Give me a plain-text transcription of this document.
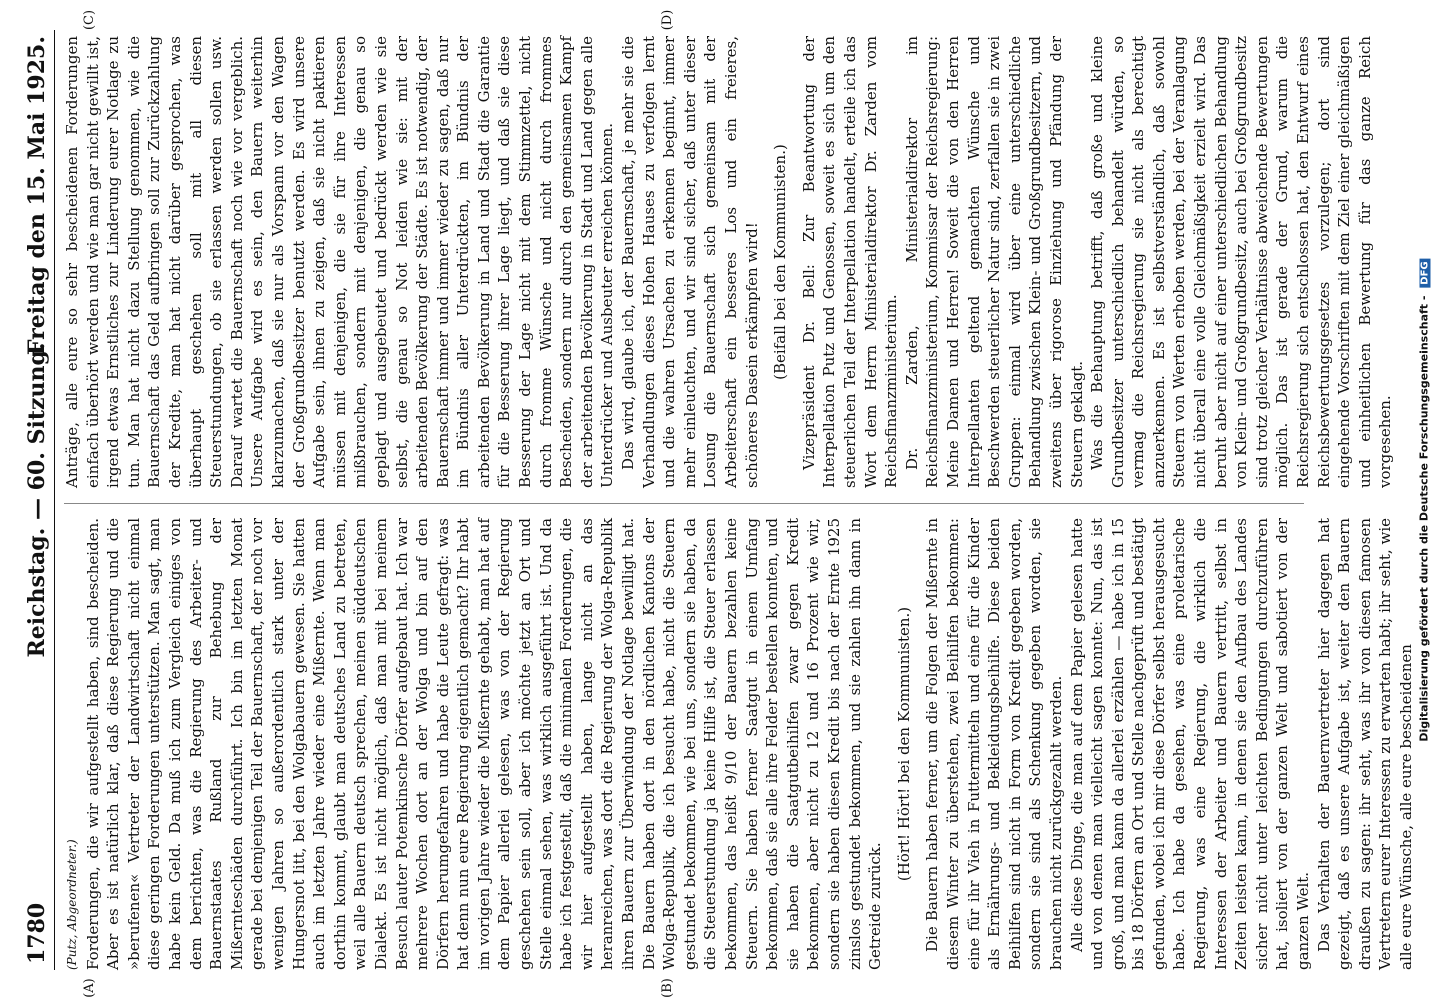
1780
Reichstag. — 60. Sitzung.
Freitag den 15. Mai 1925.
(A)	(B)
(C)	(D)

(Putz, Abgeordneter.) Forderungen, die wir aufgestellt haben, sind bescheiden. Aber es ist natürlich klar, daß diese Regierung und die »berufenen« Vertreter der Landwirtschaft nicht einmal diese geringen Forderungen unterstützen. Man sagt, man habe kein Geld. Da muß ich zum Vergleich einiges von dem berichten, was die Regierung des Arbeiter- und Bauernstaates Rußland zur Behebung der Mißernteschäden durchführt. Ich bin im letzten Monat gerade bei demjenigen Teil der Bauernschaft, der noch vor wenigen Jahren so außerordentlich stark unter der Hungersnot litt, bei den Wolgabauern gewesen. Sie hatten auch im letzten Jahre wieder eine Mißernte. Wenn man dorthin kommt, glaubt man deutsches Land zu betreten, weil alle Bauern deutsch sprechen, meinen süddeutschen Dialekt. Es ist nicht möglich, daß man mit bei meinem Besuch lauter Potemkinsche Dörfer aufgebaut hat. Ich war mehrere Wochen dort an der Wolga und bin auf den Dörfern herumgefahren und habe die Leute gefragt: was hat denn nun eure Regierung eigentlich gemacht? Ihr habt im vorigen Jahre wieder die Mißernte gehabt, man hat auf dem Papier allerlei gelesen, was von der Regierung geschehen sein soll, aber ich möchte jetzt an Ort und Stelle einmal sehen, was wirklich ausgeführt ist. Und da habe ich festgestellt, daß die minimalen Forderungen, die wir hier aufgestellt haben, lange nicht an das heranreichen, was dort die Regierung der Wolga-Republik ihren Bauern zur Überwindung der Notlage bewilligt hat. Die Bauern haben dort in den nördlichen Kantons der Wolga-Republik, die ich besucht habe, nicht die Steuern gestundet bekommen, wie bei uns, sondern sie haben, da die Steuerstundung ja keine Hilfe ist, die Steuer erlassen bekommen, das heißt 9/10 der Bauern bezahlen keine Steuern. Sie haben ferner Saatgut in einem Umfang bekommen, daß sie alle ihre Felder bestellen konnten, und sie haben die Saatgutbeihilfen zwar gegen Kredit bekommen, aber nicht zu 12 und 16 Prozent wie wir, sondern sie haben diesen Kredit bis nach der Ernte 1925 zinslos gestundet bekommen, und sie zahlen ihn dann in Getreide zurück.

(Hört! Hört! bei den Kommunisten.) Die Bauern haben ferner, um die Folgen der Mißernte in diesem Winter zu überstehen, zwei Beihilfen bekommen: eine für ihr Vieh in Futtermitteln und eine für die Kinder als Ernährungs- und Bekleidungsbeihilfe. Diese beiden Beihilfen sind nicht in Form von Kredit gegeben worden, sondern sie sind als Schenkung gegeben worden, sie brauchen nicht zurückgezahlt werden. Alle diese Dinge, die man auf dem Papier gelesen hatte und von denen man vielleicht sagen konnte: Nun, das ist groß, und man kann da allerlei erzählen — habe ich in 15 bis 18 Dörfern an Ort und Stelle nachgeprüft und bestätigt gefunden, wobei ich mir diese Dörfer selbst herausgesucht habe. Ich habe da gesehen, was eine proletarische Regierung, was eine Regierung, die wirklich die Interessen der Arbeiter und Bauern vertritt, selbst in Zeiten leisten kann, in denen sie den Aufbau des Landes sicher nicht unter leichten Bedingungen durchzuführen hat, isoliert von der ganzen Welt und sabotiert von der ganzen Welt. Das Verhalten der Bauernvertreter hier dagegen hat gezeigt, daß es unsere Aufgabe ist, weiter den Bauern draußen zu sagen: ihr seht, was ihr von diesen famosen Vertretern eurer Interessen zu erwarten habt; ihr seht, wie alle eure Wünsche, alle eure bescheidenen

Anträge, alle eure so sehr bescheidenen Forderungen einfach überhört werden und wie man gar nicht gewillt ist, irgend etwas Ernstliches zur Linderung eurer Notlage zu tun. Man hat nicht dazu Stellung genommen, wie die Bauernschaft das Geld aufbringen soll zur Zurückzahlung der Kredite, man hat nicht darüber gesprochen, was überhaupt geschehen soll mit all diesen Steuerstundungen, ob sie erlassen werden sollen usw. Darauf wartet die Bauernschaft noch wie vor vergeblich. Unsere Aufgabe wird es sein, den Bauern weiterhin klarzumachen, daß sie nur als Vorspann vor den Wagen der Großgrundbesitzer benutzt werden. Es wird unsere Aufgabe sein, ihnen zu zeigen, daß sie nicht paktieren müssen mit denjenigen, die sie für ihre Interessen mißbrauchen, sondern mit denjenigen, die genau so geplagt und ausgebeutet und bedrückt werden wie sie selbst, die genau so Not leiden wie sie: mit der arbeitenden Bevölkerung der Städte. Es ist notwendig, der Bauernschaft immer und immer wieder zu sagen, daß nur im Bündnis aller Unterdrückten, im Bündnis der arbeitenden Bevölkerung in Land und Stadt die Garantie für die Besserung ihrer Lage liegt, und daß sie diese Besserung der Lage nicht mit dem Stimmzettel, nicht durch fromme Wünsche und nicht durch frommes Bescheiden, sondern nur durch den gemeinsamen Kampf der arbeitenden Bevölkerung in Stadt und Land gegen alle Unterdrücker und Ausbeuter erreichen können. Das wird, glaube ich, der Bauernschaft, je mehr sie die Verhandlungen dieses Hohen Hauses zu verfolgen lernt und die wahren Ursachen zu erkennen beginnt, immer mehr einleuchten, und wir sind sicher, daß unter dieser Losung die Bauernschaft sich gemeinsam mit der Arbeiterschaft ein besseres Los und ein freieres, schöneres Dasein erkämpfen wird! (Beifall bei den Kommunisten.) Vizepräsident Dr. Bell: Zur Beantwortung der Interpellation Putz und Genossen, soweit es sich um den steuerlichen Teil der Interpellation handelt, erteile ich das Wort dem Herrn Ministerialdirektor Dr. Zarden vom Reichsfinanzministerium. Dr. Zarden, Ministerialdirektor im Reichsfinanzministerium, Kommissar der Reichsregierung: Meine Damen und Herren! Soweit die von den Herren Interpellanten geltend gemachten Wünsche und Beschwerden steuerlicher Natur sind, zerfallen sie in zwei Gruppen: einmal wird über eine unterschiedliche Behandlung zwischen Klein- und Großgrundbesitzern, und zweitens über rigorose Einziehung und Pfändung der Steuern geklagt. Was die Behauptung betrifft, daß große und kleine Grundbesitzer unterschiedlich behandelt würden, so vermag die Reichsregierung sie nicht als berechtigt anzuerkennen. Es ist selbstverständlich, daß sowohl Steuern von Werten erhoben werden, bei der Veranlagung nicht überall eine volle Gleichmäßigkeit erzielt wird. Das beruht aber nicht auf einer unterschiedlichen Behandlung von Klein- und Großgrundbesitz, auch bei Großgrundbesitz sind trotz gleicher Verhältnisse abweichende Bewertungen möglich. Das ist gerade der Grund, warum die Reichsregierung sich entschlossen hat, den Entwurf eines Reichsbewertungsgesetzes vorzulegen; dort sind eingehende Vorschriften mit dem Ziel einer gleichmäßigen und einheitlichen Bewertung für das ganze Reich vorgesehen. Digitalisierung gefördert durch die Deutsche Forschungsgemeinschaft - DFG
